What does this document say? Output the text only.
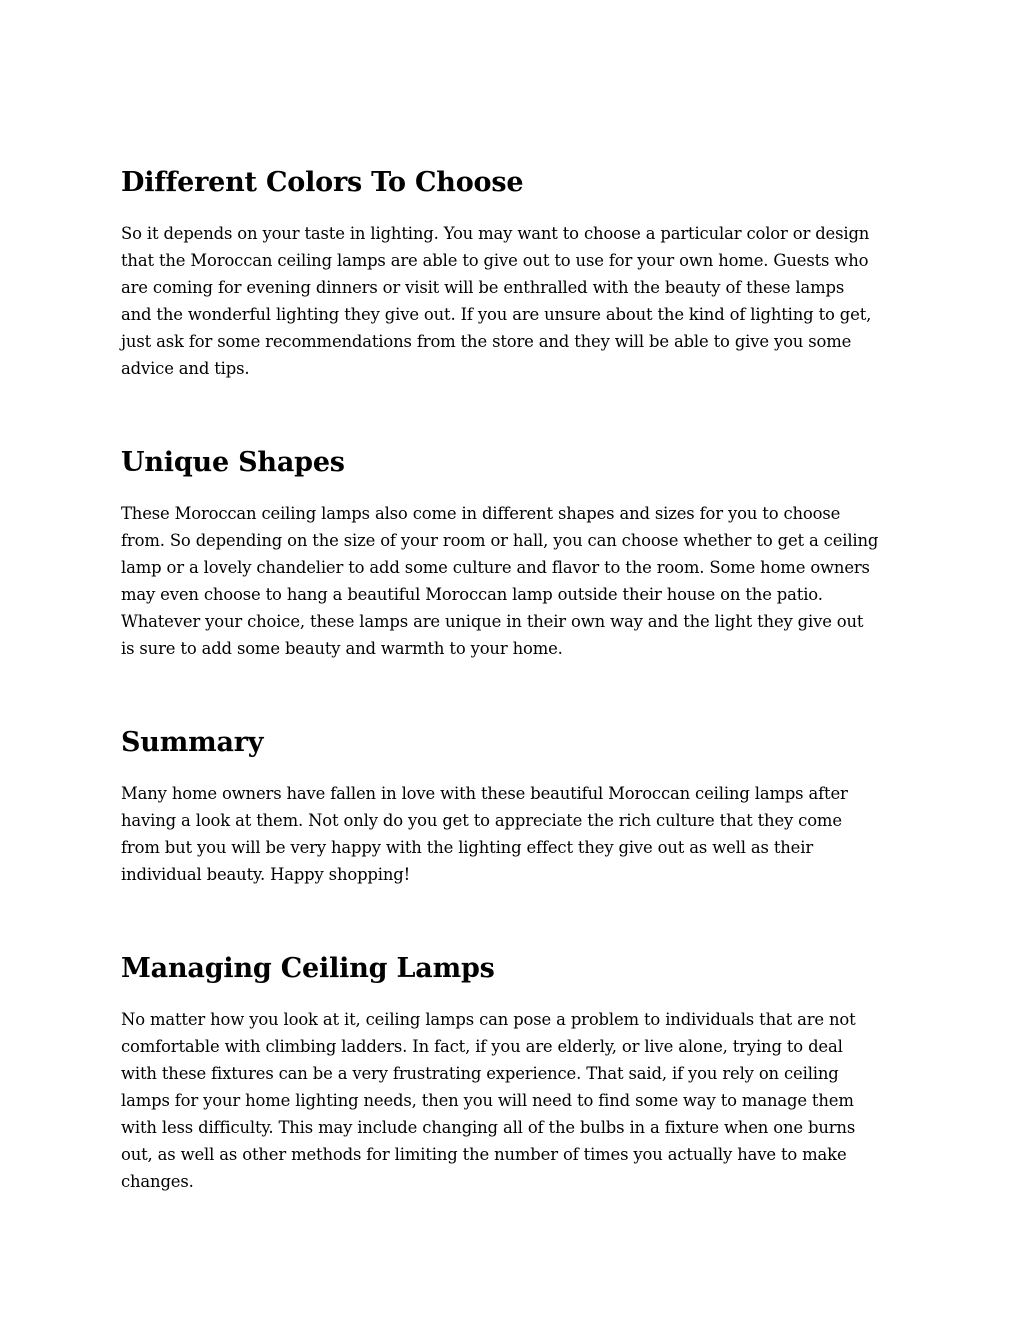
Different Colors To Choose

So it depends on your taste in lighting. You may want to choose a particular color or design
that the Moroccan ceiling lamps are able to give out to use for your own home. Guests who
are coming for evening dinners or visit will be enthralled with the beauty of these lamps
and the wonderful lighting they give out. If you are unsure about the kind of lighting to get,
just ask for some recommendations from the store and they will be able to give you some
advice and tips.

Unique Shapes

These Moroccan ceiling lamps also come in different shapes and sizes for you to choose
from. So depending on the size of your room or hall, you can choose whether to get a ceiling
lamp or a lovely chandelier to add some culture and flavor to the room. Some home owners
may even choose to hang a beautiful Moroccan lamp outside their house on the patio.
Whatever your choice, these lamps are unique in their own way and the light they give out
is sure to add some beauty and warmth to your home.

Summary

Many home owners have fallen in love with these beautiful Moroccan ceiling lamps after
having a look at them. Not only do you get to appreciate the rich culture that they come
from but you will be very happy with the lighting effect they give out as well as their
individual beauty. Happy shopping!

Managing Ceiling Lamps

No matter how you look at it, ceiling lamps can pose a problem to individuals that are not
comfortable with climbing ladders. In fact, if you are elderly, or live alone, trying to deal
with these fixtures can be a very frustrating experience. That said, if you rely on ceiling
lamps for your home lighting needs, then you will need to find some way to manage them
with less difficulty. This may include changing all of the bulbs in a fixture when one burns
out, as well as other methods for limiting the number of times you actually have to make
changes.
